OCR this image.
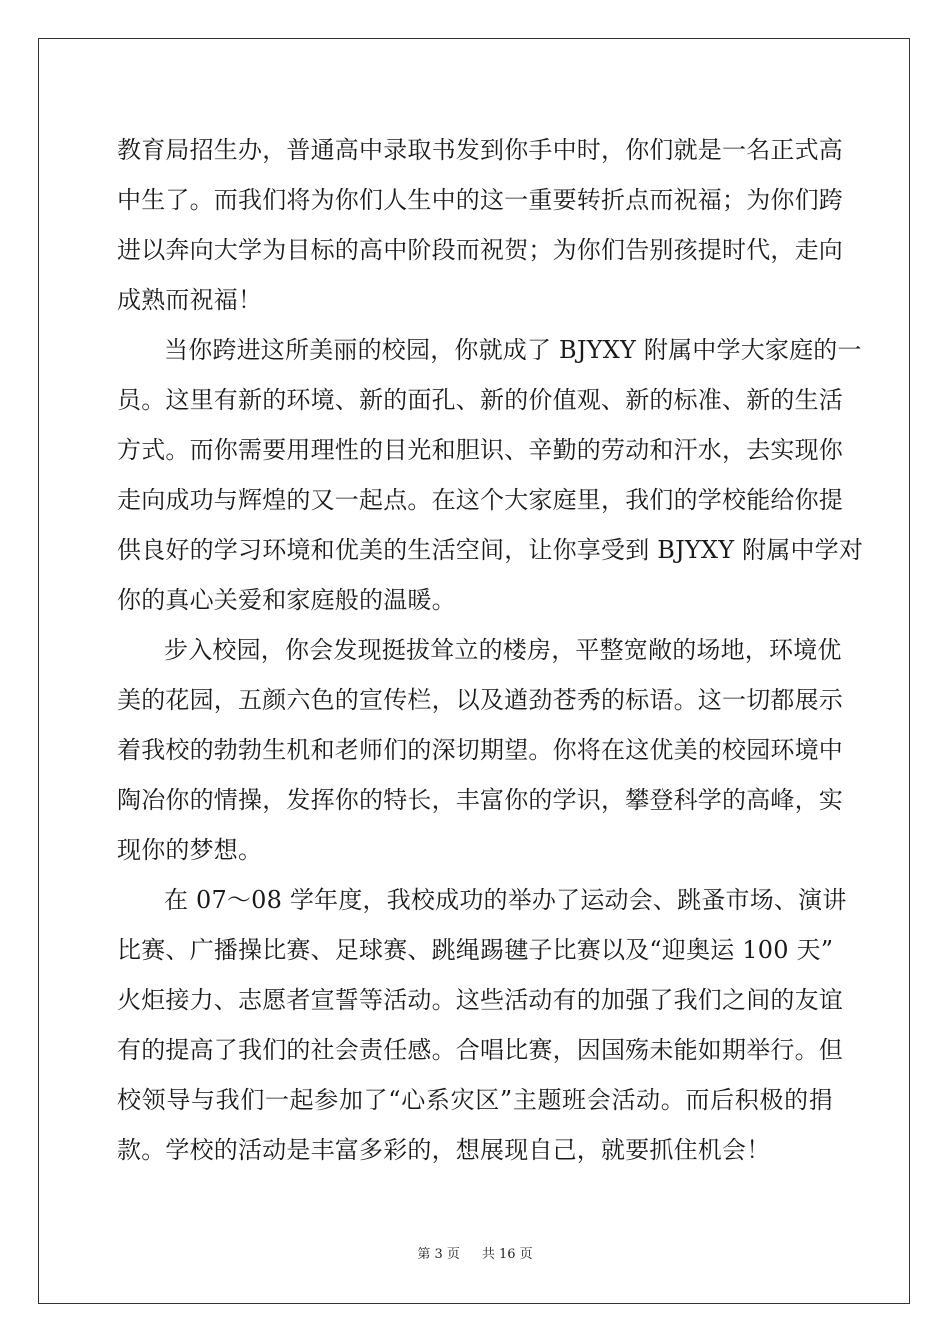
教育局招生办，普通高中录取书发到你手中时，你们就是一名正式高
中生了。而我们将为你们人生中的这一重要转折点而祝福；为你们跨
进以奔向大学为目标的高中阶段而祝贺；为你们告别孩提时代，走向
成熟而祝福！
当你跨进这所美丽的校园，你就成了 BJYXY 附属中学大家庭的一
员。这里有新的环境、新的面孔、新的价值观、新的标准、新的生活
方式。而你需要用理性的目光和胆识、辛勤的劳动和汗水，去实现你
走向成功与辉煌的又一起点。在这个大家庭里，我们的学校能给你提
供良好的学习环境和优美的生活空间，让你享受到 BJYXY 附属中学对
你的真心关爱和家庭般的温暖。
步入校园，你会发现挺拔耸立的楼房，平整宽敞的场地，环境优
美的花园，五颜六色的宣传栏，以及遒劲苍秀的标语。这一切都展示
着我校的勃勃生机和老师们的深切期望。你将在这优美的校园环境中
陶冶你的情操，发挥你的特长，丰富你的学识，攀登科学的高峰，实
现你的梦想。
在 07～08 学年度，我校成功的举办了运动会、跳蚤市场、演讲
比赛、广播操比赛、足球赛、跳绳踢毽子比赛以及“迎奥运 100 天”
火炬接力、志愿者宣誓等活动。这些活动有的加强了我们之间的友谊
有的提高了我们的社会责任感。合唱比赛，因国殇未能如期举行。但
校领导与我们一起参加了“心系灾区”主题班会活动。而后积极的捐
款。学校的活动是丰富多彩的，想展现自己，就要抓住机会！
第 3 页 共 16 页
